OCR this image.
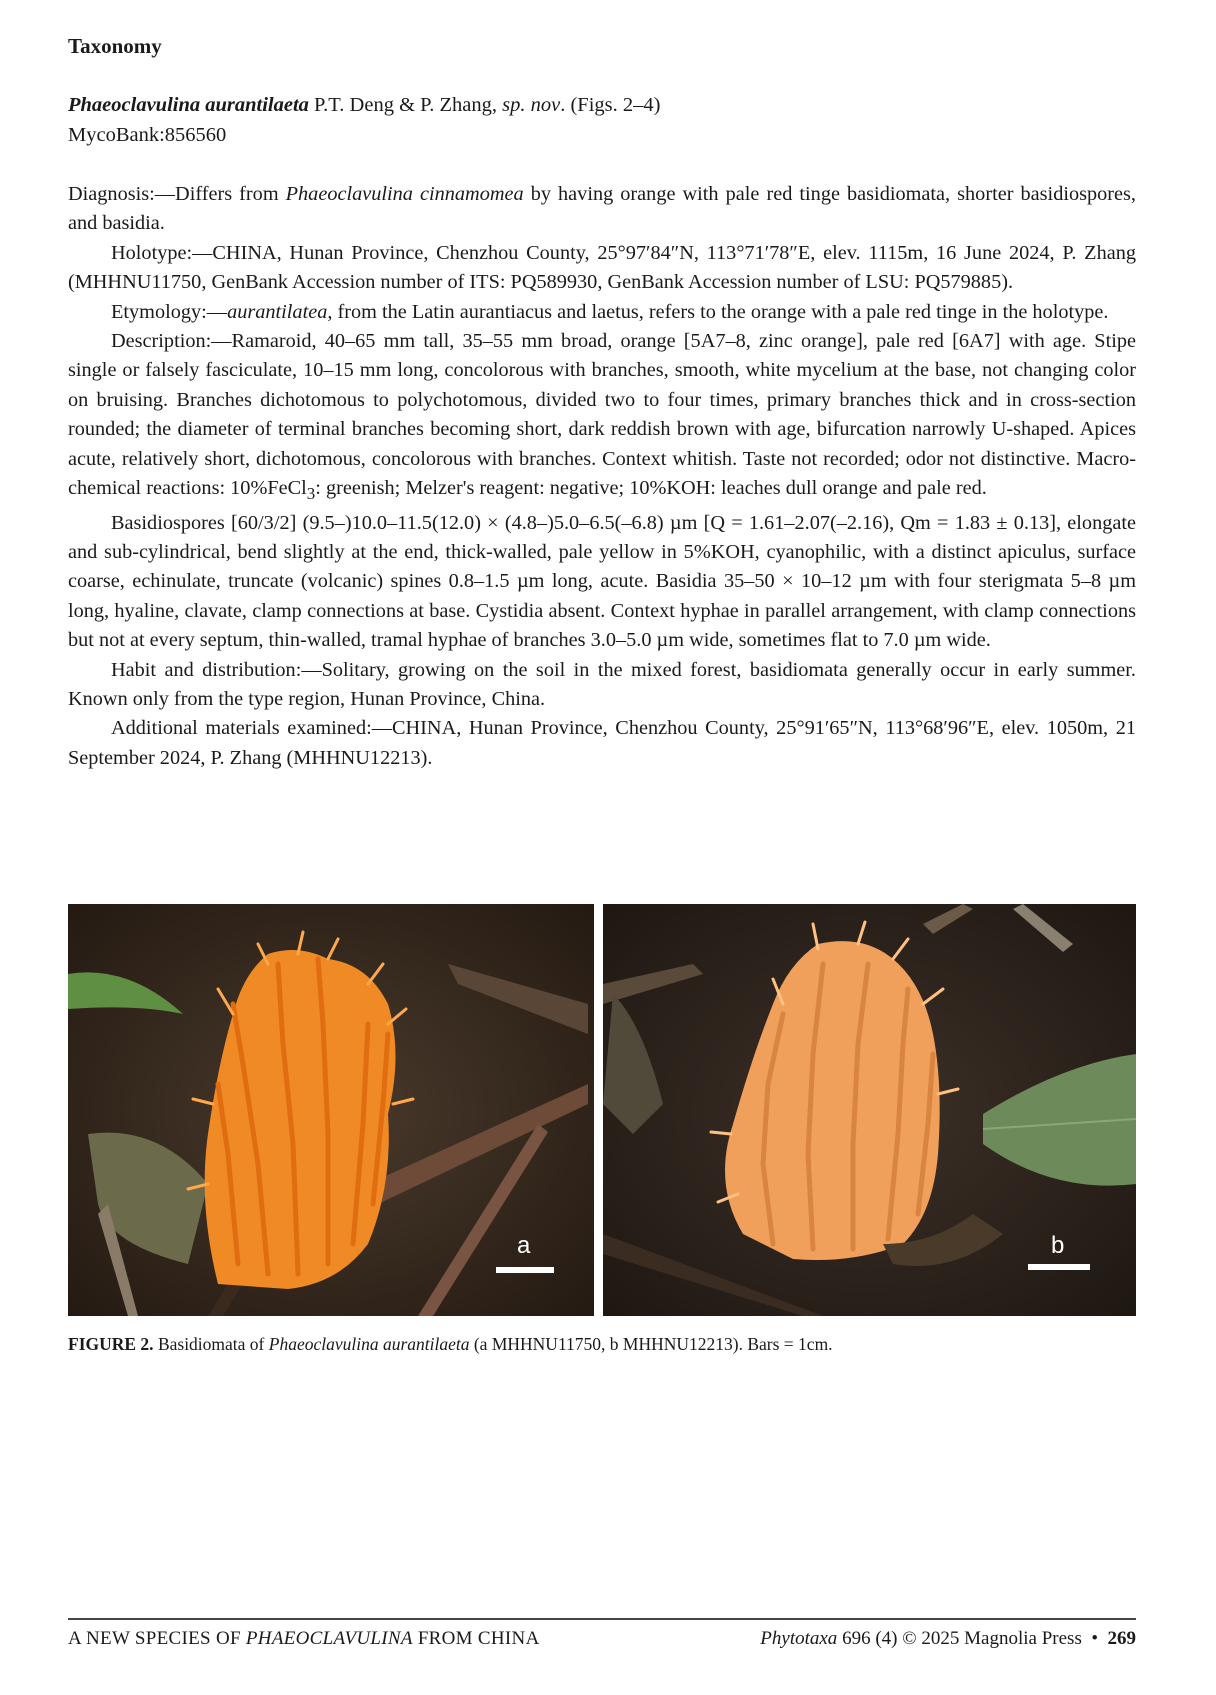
Taxonomy
Phaeoclavulina aurantilaeta P.T. Deng & P. Zhang, sp. nov. (Figs. 2–4)
MycoBank:856560

Diagnosis:—Differs from Phaeoclavulina cinnamomea by having orange with pale red tinge basidiomata, shorter basidiospores, and basidia.

Holotype:—CHINA, Hunan Province, Chenzhou County, 25°97′84″N, 113°71′78″E, elev. 1115m, 16 June 2024, P. Zhang (MHHNU11750, GenBank Accession number of ITS: PQ589930, GenBank Accession number of LSU: PQ579885).

Etymology:—aurantilatea, from the Latin aurantiacus and laetus, refers to the orange with a pale red tinge in the holotype.

Description:—Ramaroid, 40–65 mm tall, 35–55 mm broad, orange [5A7–8, zinc orange], pale red [6A7] with age. Stipe single or falsely fasciculate, 10–15 mm long, concolorous with branches, smooth, white mycelium at the base, not changing color on bruising. Branches dichotomous to polychotomous, divided two to four times, primary branches thick and in cross-section rounded; the diameter of terminal branches becoming short, dark reddish brown with age, bifurcation narrowly U-shaped. Apices acute, relatively short, dichotomous, concolorous with branches. Context whitish. Taste not recorded; odor not distinctive. Macro-chemical reactions: 10%FeCl$_3$: greenish; Melzer's reagent: negative; 10%KOH: leaches dull orange and pale red.

Basidiospores [60/3/2] (9.5–)10.0–11.5(12.0) × (4.8–)5.0–6.5(–6.8) µm [Q = 1.61–2.07(–2.16), Qm = 1.83 ± 0.13], elongate and sub-cylindrical, bend slightly at the end, thick-walled, pale yellow in 5%KOH, cyanophilic, with a distinct apiculus, surface coarse, echinulate, truncate (volcanic) spines 0.8–1.5 µm long, acute. Basidia 35–50 × 10–12 µm with four sterigmata 5–8 µm long, hyaline, clavate, clamp connections at base. Cystidia absent. Context hyphae in parallel arrangement, with clamp connections but not at every septum, thin-walled, tramal hyphae of branches 3.0–5.0 µm wide, sometimes flat to 7.0 µm wide.

Habit and distribution:—Solitary, growing on the soil in the mixed forest, basidiomata generally occur in early summer. Known only from the type region, Hunan Province, China.

Additional materials examined:—CHINA, Hunan Province, Chenzhou County, 25°91′65″N, 113°68′96″E, elev. 1050m, 21 September 2024, P. Zhang (MHHNU12213).

a	b
FIGURE 2. Basidiomata of Phaeoclavulina aurantilaeta (a MHHNU11750, b MHHNU12213). Bars = 1cm.
A NEW SPECIES OF PHAEOCLAVULINA FROM CHINA	Phytotaxa 696 (4) © 2025 Magnolia Press  •  269
